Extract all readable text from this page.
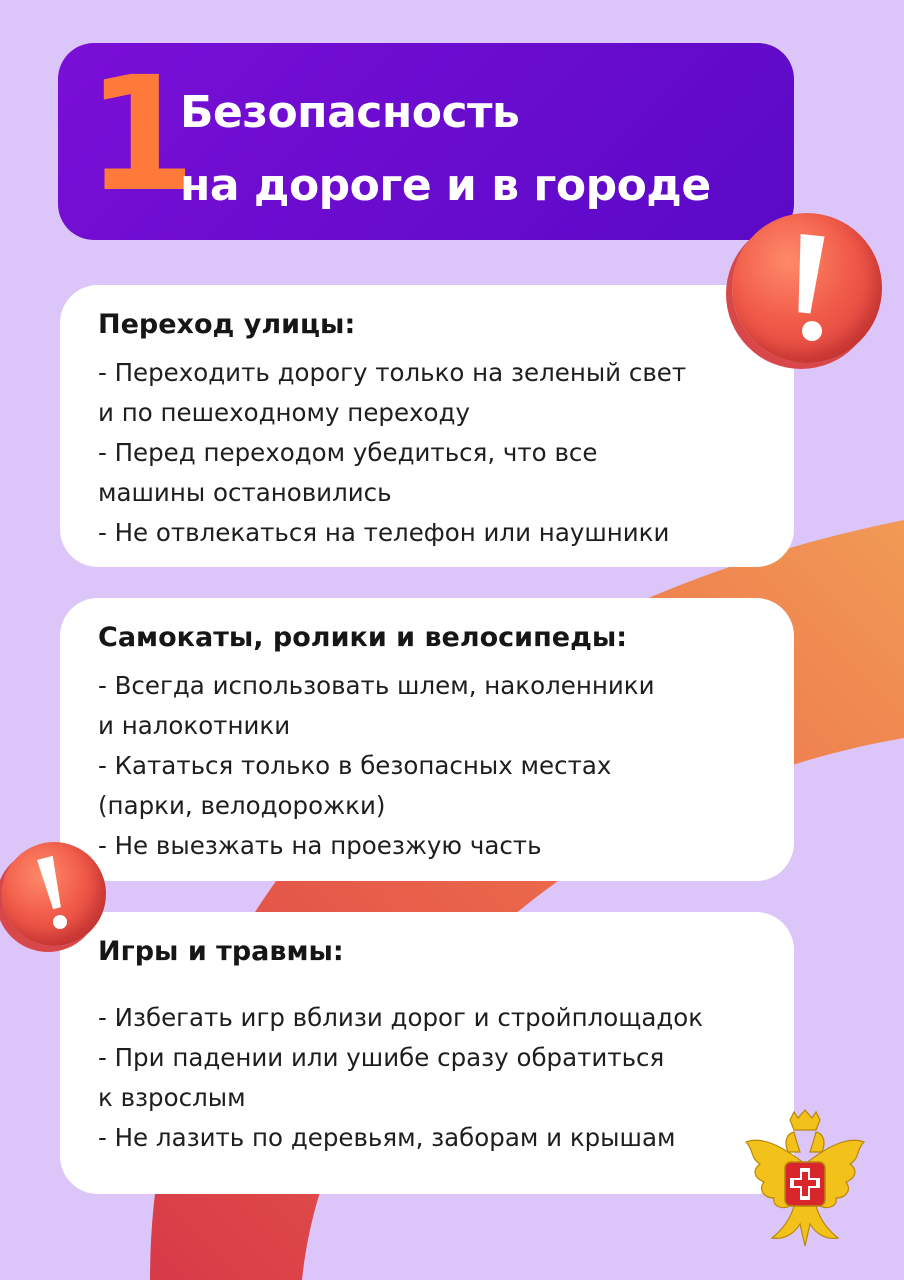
1
Безопасность
на дороге и в городе
Переход улицы:
- Переходить дорогу только на зеленый свет
и по пешеходному переходу
- Перед переходом убедиться, что все
машины остановились
- Не отвлекаться на телефон или наушники
Самокаты, ролики и велосипеды:
- Всегда использовать шлем, наколенники
и налокотники
- Кататься только в безопасных местах
(парки, велодорожки)
- Не выезжать на проезжую часть
Игры и травмы:
- Избегать игр вблизи дорог и стройплощадок
- При падении или ушибе сразу обратиться
к взрослым
- Не лазить по деревьям, заборам и крышам
